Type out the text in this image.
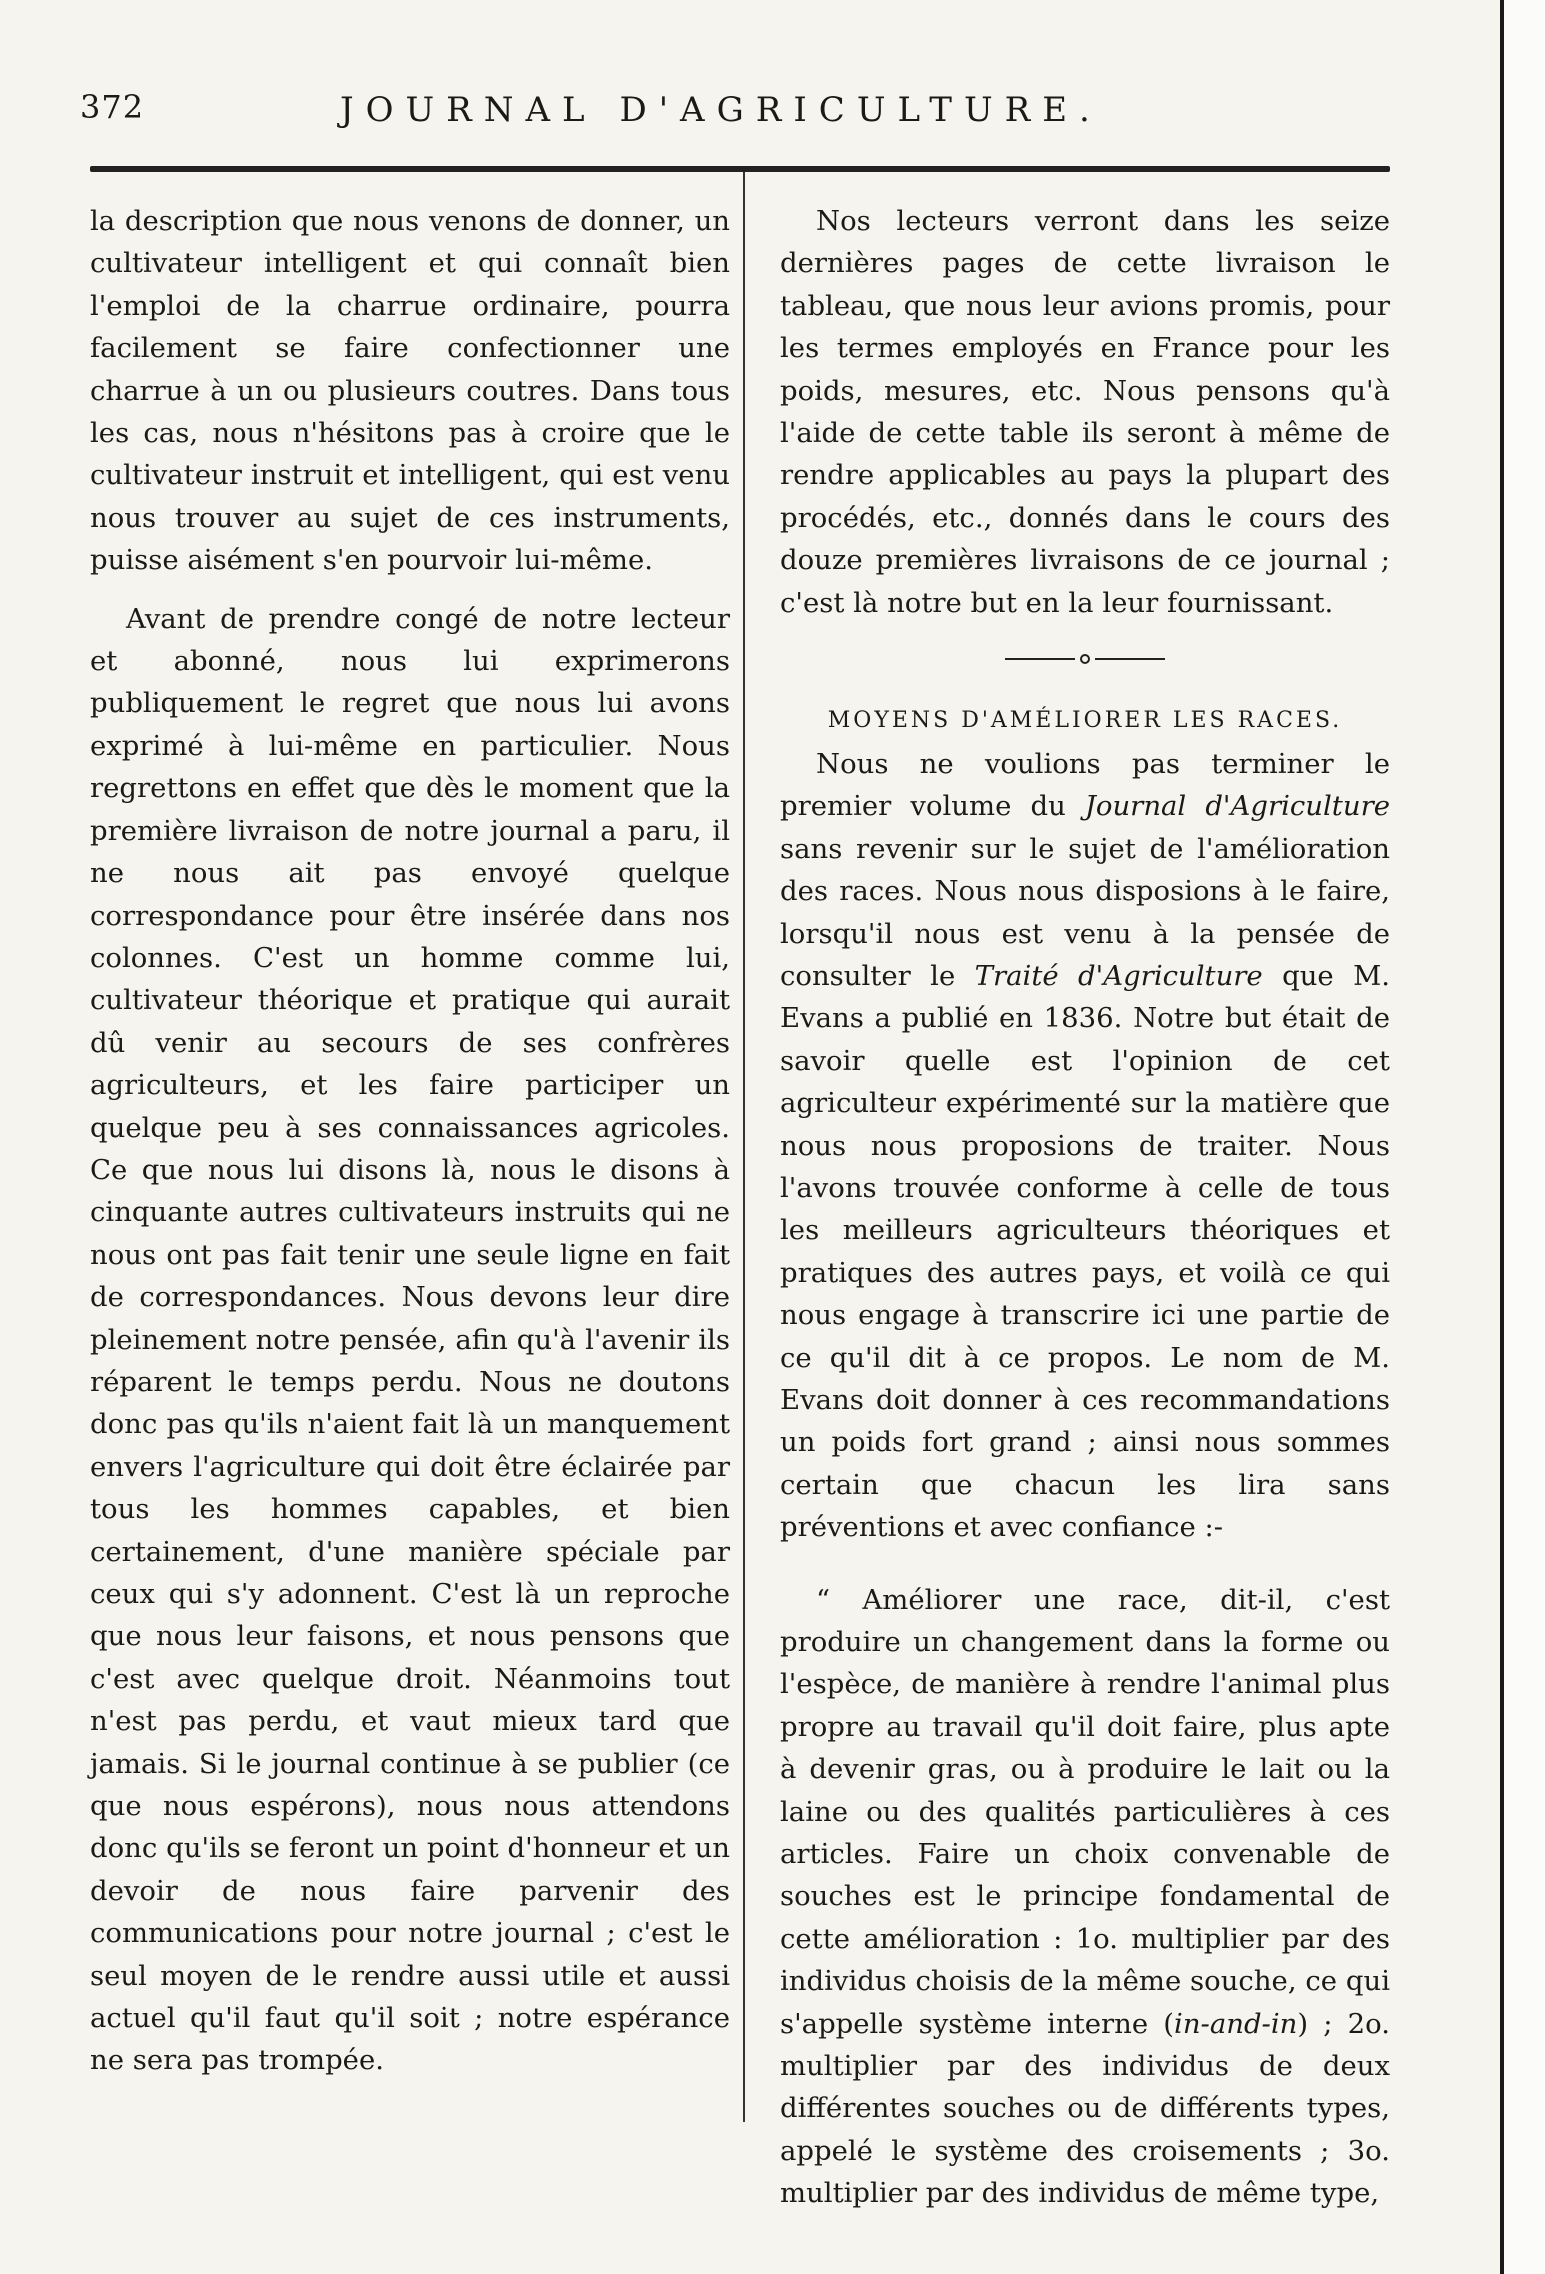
372	JOURNAL D'AGRICULTURE.

la description que nous venons de donner, un cultivateur intelligent et qui connaît bien l'emploi de la charrue ordinaire, pourra facilement se faire confectionner une charrue à un ou plusieurs coutres. Dans tous les cas, nous n'hésitons pas à croire que le cultivateur instruit et intelligent, qui est venu nous trouver au sujet de ces instruments, puisse aisément s'en pourvoir lui-même.

Avant de prendre congé de notre lecteur et abonné, nous lui exprimerons publiquement le regret que nous lui avons exprimé à lui-même en particulier. Nous regrettons en effet que dès le moment que la première livraison de notre journal a paru, il ne nous ait pas envoyé quelque correspondance pour être insérée dans nos colonnes. C'est un homme comme lui, cultivateur théorique et pratique qui aurait dû venir au secours de ses confrères agriculteurs, et les faire participer un quelque peu à ses connaissances agricoles. Ce que nous lui disons là, nous le disons à cinquante autres cultivateurs instruits qui ne nous ont pas fait tenir une seule ligne en fait de correspondances. Nous devons leur dire pleinement notre pensée, afin qu'à l'avenir ils réparent le temps perdu. Nous ne doutons donc pas qu'ils n'aient fait là un manquement envers l'agriculture qui doit être éclairée par tous les hommes capables, et bien certainement, d'une manière spéciale par ceux qui s'y adonnent. C'est là un reproche que nous leur faisons, et nous pensons que c'est avec quelque droit. Néanmoins tout n'est pas perdu, et vaut mieux tard que jamais. Si le journal continue à se publier (ce que nous espérons), nous nous attendons donc qu'ils se feront un point d'honneur et un devoir de nous faire parvenir des communications pour notre journal ; c'est le seul moyen de le rendre aussi utile et aussi actuel qu'il faut qu'il soit ; notre espérance ne sera pas trompée.

Nos lecteurs verront dans les seize dernières pages de cette livraison le tableau, que nous leur avions promis, pour les termes employés en France pour les poids, mesures, etc. Nous pensons qu'à l'aide de cette table ils seront à même de rendre applicables au pays la plupart des procédés, etc., donnés dans le cours des douze premières livraisons de ce journal ; c'est là notre but en la leur fournissant.

MOYENS D'AMÉLIORER LES RACES.

Nous ne voulions pas terminer le premier volume du Journal d'Agriculture sans revenir sur le sujet de l'amélioration des races. Nous nous disposions à le faire, lorsqu'il nous est venu à la pensée de consulter le Traité d'Agriculture que M. Evans a publié en 1836. Notre but était de savoir quelle est l'opinion de cet agriculteur expérimenté sur la matière que nous nous proposions de traiter. Nous l'avons trouvée conforme à celle de tous les meilleurs agriculteurs théoriques et pratiques des autres pays, et voilà ce qui nous engage à transcrire ici une partie de ce qu'il dit à ce propos. Le nom de M. Evans doit donner à ces recommandations un poids fort grand ; ainsi nous sommes certain que chacun les lira sans préventions et avec confiance :-

“ Améliorer une race, dit-il, c'est produire un changement dans la forme ou l'espèce, de manière à rendre l'animal plus propre au travail qu'il doit faire, plus apte à devenir gras, ou à produire le lait ou la laine ou des qualités particulières à ces articles. Faire un choix convenable de souches est le principe fondamental de cette amélioration : 1o. multiplier par des individus choisis de la même souche, ce qui s'appelle système interne (in-and-in) ; 2o. multiplier par des individus de deux différentes souches ou de différents types, appelé le système des croisements ; 3o. multiplier par des individus de même type,
